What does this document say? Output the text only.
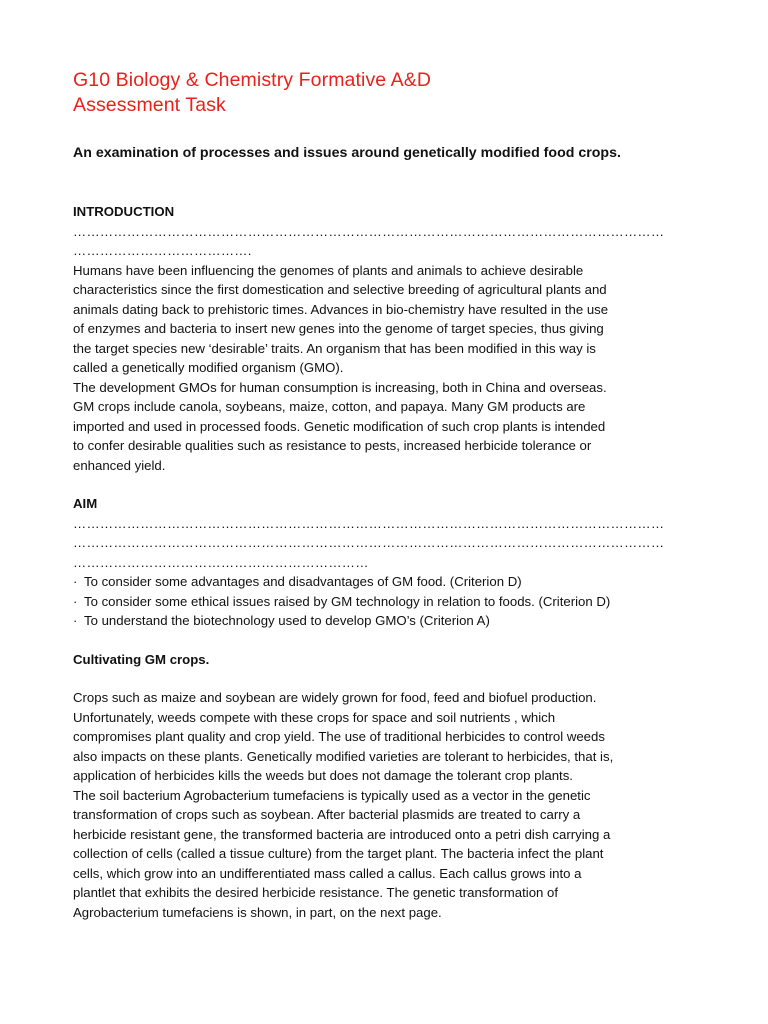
G10 Biology & Chemistry Formative A&D
Assessment Task

An examination of processes and issues around genetically modified food crops.

INTRODUCTION

……………………………………………………………………………………………………………………
………………………………….
Humans have been influencing the genomes of plants and animals to achieve desirable
characteristics since the first domestication and selective breeding of agricultural plants and
animals dating back to prehistoric times. Advances in bio-chemistry have resulted in the use
of enzymes and bacteria to insert new genes into the genome of target species, thus giving
the target species new ‘desirable’ traits. An organism that has been modified in this way is
called a genetically modified organism (GMO).
The development GMOs for human consumption is increasing, both in China and overseas.
GM crops include canola, soybeans, maize, cotton, and papaya. Many GM products are
imported and used in processed foods. Genetic modification of such crop plants is intended
to confer desirable qualities such as resistance to pests, increased herbicide tolerance or
enhanced yield.

AIM

……………………………………………………………………………………………………………………
……………………………………………………………………………………………………………………
…………………………………………………………
· To consider some advantages and disadvantages of GM food. (Criterion D)
· To consider some ethical issues raised by GM technology in relation to foods. (Criterion D)
· To understand the biotechnology used to develop GMO’s (Criterion A)

Cultivating GM crops.

Crops such as maize and soybean are widely grown for food, feed and biofuel production.
Unfortunately, weeds compete with these crops for space and soil nutrients , which
compromises plant quality and crop yield. The use of traditional herbicides to control weeds
also impacts on these plants. Genetically modified varieties are tolerant to herbicides, that is,
application of herbicides kills the weeds but does not damage the tolerant crop plants.
The soil bacterium Agrobacterium tumefaciens is typically used as a vector in the genetic
transformation of crops such as soybean. After bacterial plasmids are treated to carry a
herbicide resistant gene, the transformed bacteria are introduced onto a petri dish carrying a
collection of cells (called a tissue culture) from the target plant. The bacteria infect the plant
cells, which grow into an undifferentiated mass called a callus. Each callus grows into a
plantlet that exhibits the desired herbicide resistance. The genetic transformation of
Agrobacterium tumefaciens is shown, in part, on the next page.
